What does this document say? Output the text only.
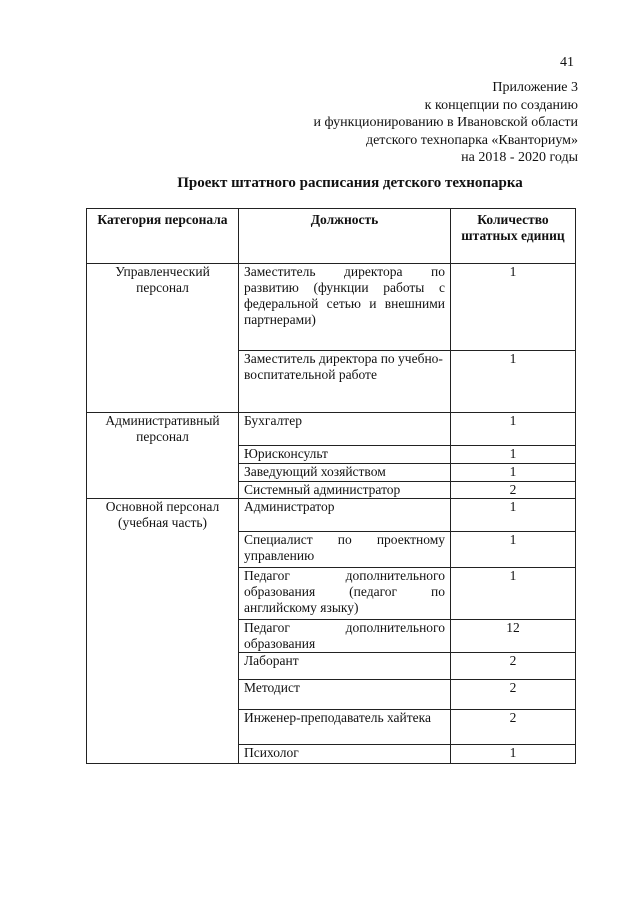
41
Приложение 3
к концепции по созданию
и функционированию в Ивановской области
детского технопарка «Кванториум»
на 2018 - 2020 годы
Проект штатного расписания детского технопарка
Категория персонала	Должность	Количество штатных единиц
Управленческий персонал	Заместитель директора по развитию (функции работы с федеральной сетью и внешними партнерами)	1
	Заместитель директора по учебно-воспитательной работе	1
Административный персонал	Бухгалтер	1
	Юрисконсульт	1
	Заведующий хозяйством	1
	Системный администратор	2
Основной персонал (учебная часть)	Администратор	1
	Специалист по проектному управлению	1
	Педагог дополнительного образования (педагог по английскому языку)	1
	Педагог дополнительного образования	12
	Лаборант	2
	Методист	2
	Инженер-преподаватель хайтека	2
	Психолог	1
